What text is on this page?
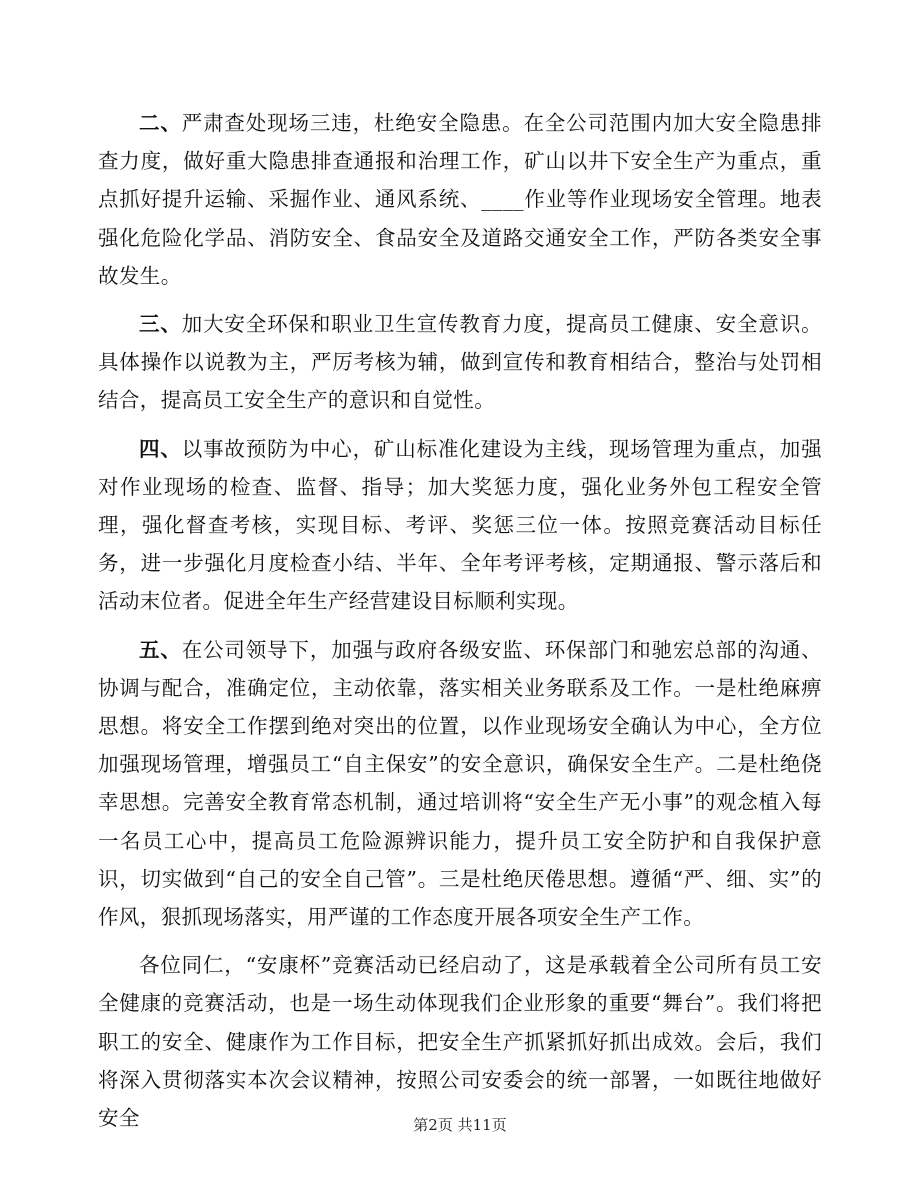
二、严肃查处现场三违，杜绝安全隐患。在全公司范围内加大安全隐患排查力度，做好重大隐患排查通报和治理工作，矿山以井下安全生产为重点，重点抓好提升运输、采掘作业、通风系统、____作业等作业现场安全管理。地表强化危险化学品、消防安全、食品安全及道路交通安全工作，严防各类安全事故发生。

三、加大安全环保和职业卫生宣传教育力度，提高员工健康、安全意识。具体操作以说教为主，严厉考核为辅，做到宣传和教育相结合，整治与处罚相结合，提高员工安全生产的意识和自觉性。

四、以事故预防为中心，矿山标准化建设为主线，现场管理为重点，加强对作业现场的检查、监督、指导；加大奖惩力度，强化业务外包工程安全管理，强化督查考核，实现目标、考评、奖惩三位一体。按照竞赛活动目标任务，进一步强化月度检查小结、半年、全年考评考核，定期通报、警示落后和活动末位者。促进全年生产经营建设目标顺利实现。

五、在公司领导下，加强与政府各级安监、环保部门和驰宏总部的沟通、协调与配合，准确定位，主动依靠，落实相关业务联系及工作。一是杜绝麻痹思想。将安全工作摆到绝对突出的位置，以作业现场安全确认为中心，全方位加强现场管理，增强员工“自主保安”的安全意识，确保安全生产。二是杜绝侥幸思想。完善安全教育常态机制，通过培训将“安全生产无小事”的观念植入每一名员工心中，提高员工危险源辨识能力，提升员工安全防护和自我保护意识，切实做到“自己的安全自己管”。三是杜绝厌倦思想。遵循“严、细、实”的作风，狠抓现场落实，用严谨的工作态度开展各项安全生产工作。

各位同仁，“安康杯”竞赛活动已经启动了，这是承载着全公司所有员工安全健康的竞赛活动，也是一场生动体现我们企业形象的重要“舞台”。我们将把职工的安全、健康作为工作目标，把安全生产抓紧抓好抓出成效。会后，我们将深入贯彻落实本次会议精神，按照公司安委会的统一部署，一如既往地做好安全	第2页 共11页
